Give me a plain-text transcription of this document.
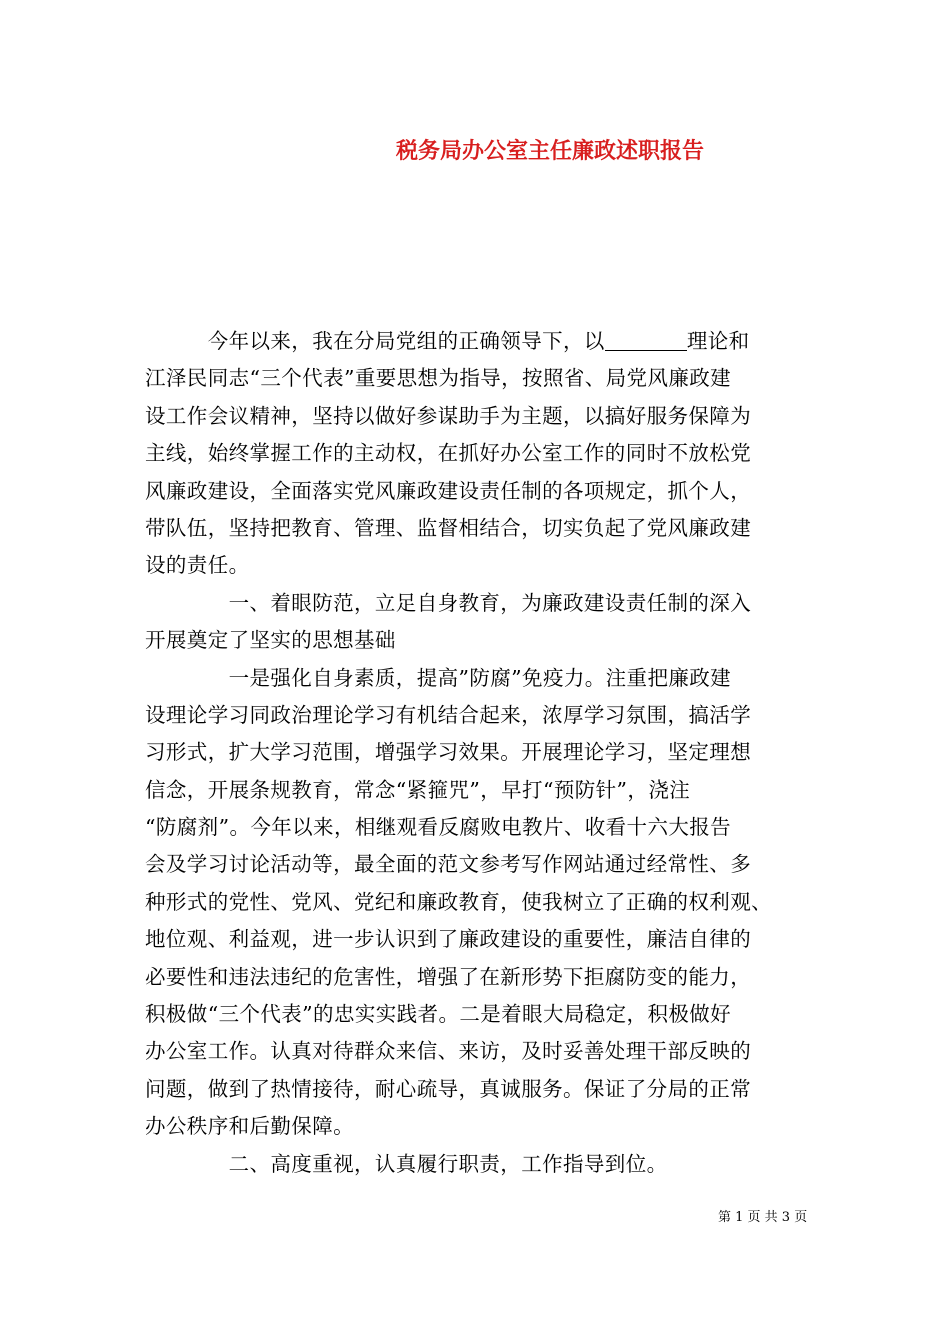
税务局办公室主任廉政述职报告
　　　今年以来，我在分局党组的正确领导下，以	理论和
江泽民同志“三个代表”重要思想为指导，按照省、局党风廉政建
设工作会议精神，坚持以做好参谋助手为主题，以搞好服务保障为
主线，始终掌握工作的主动权，在抓好办公室工作的同时不放松党
风廉政建设，全面落实党风廉政建设责任制的各项规定，抓个人，
带队伍，坚持把教育、管理、监督相结合，切实负起了党风廉政建
设的责任。
　　　　一、着眼防范，立足自身教育，为廉政建设责任制的深入
开展奠定了坚实的思想基础
　　　　一是强化自身素质，提高”防腐”免疫力。注重把廉政建
设理论学习同政治理论学习有机结合起来，浓厚学习氛围，搞活学
习形式，扩大学习范围，增强学习效果。开展理论学习，坚定理想
信念，开展条规教育，常念“紧箍咒”，早打“预防针”，浇注
“防腐剂”。今年以来，相继观看反腐败电教片、收看十六大报告
会及学习讨论活动等，最全面的范文参考写作网站通过经常性、多
种形式的党性、党风、党纪和廉政教育，使我树立了正确的权利观、
地位观、利益观，进一步认识到了廉政建设的重要性，廉洁自律的
必要性和违法违纪的危害性，增强了在新形势下拒腐防变的能力，
积极做“三个代表”的忠实实践者。二是着眼大局稳定，积极做好
办公室工作。认真对待群众来信、来访，及时妥善处理干部反映的
问题，做到了热情接待，耐心疏导，真诚服务。保证了分局的正常
办公秩序和后勤保障。
　　　　二、高度重视，认真履行职责，工作指导到位。
第 1 页 共 3 页
